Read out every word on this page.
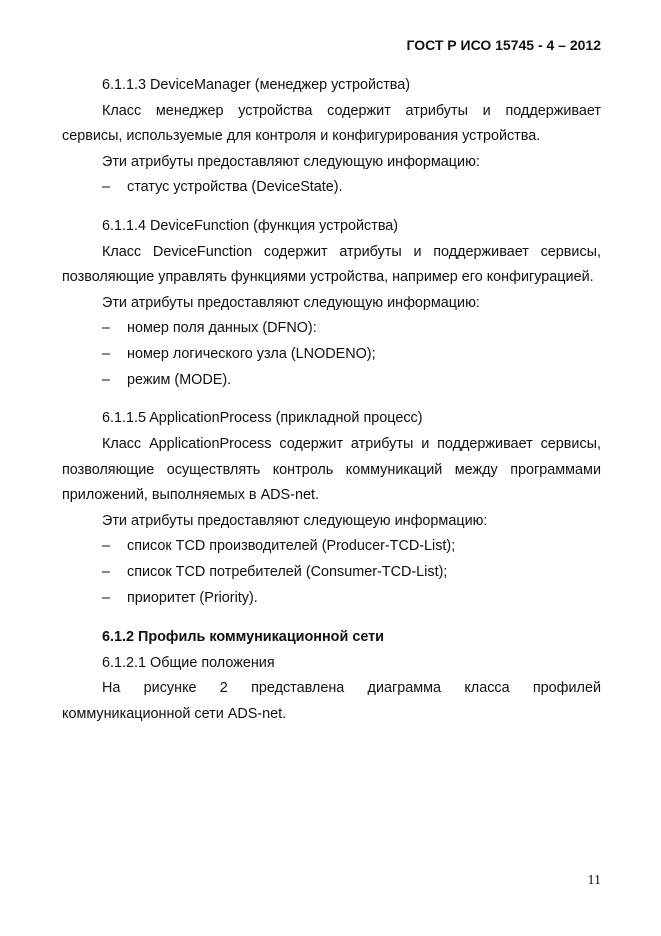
ГОСТ Р ИСО 15745 - 4 – 2012
6.1.1.3 DeviceManager (менеджер устройства)
Класс менеджер устройства содержит атрибуты и поддерживает
сервисы, используемые для контроля и конфигурирования устройства.
Эти атрибуты предоставляют следующую информацию:
– статус устройства (DeviceState).
6.1.1.4 DeviceFunction (функция устройства)
Класс DeviceFunction содержит атрибуты и поддерживает сервисы,
позволяющие управлять функциями устройства, например его конфигурацией.
Эти атрибуты предоставляют следующую информацию:
– номер поля данных (DFNO):
– номер логического узла (LNODENO);
– режим (MODE).
6.1.1.5 ApplicationProcess (прикладной процесс)
Класс ApplicationProcess содержит атрибуты и поддерживает сервисы,
позволяющие осуществлять контроль коммуникаций между программами
приложений, выполняемых в ADS-net.
Эти атрибуты предоставляют следующеую информацию:
– список TCD производителей (Producer-TCD-List);
– список TCD потребителей (Consumer-TCD-List);
– приоритет (Priority).
6.1.2 Профиль коммуникационной сети
6.1.2.1 Общие положения
На рисунке 2 представлена диаграмма класса профилей
коммуникационной сети ADS-net.
11
